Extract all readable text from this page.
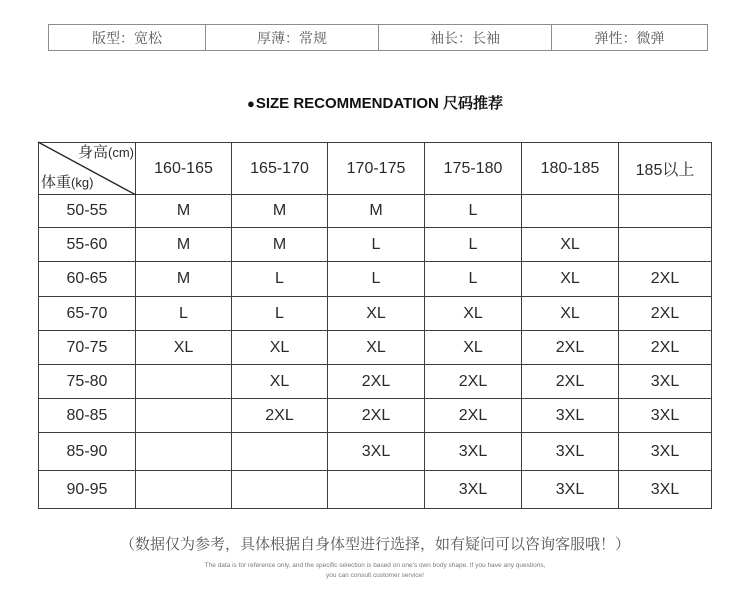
版型：宽松	厚薄：常规	袖长：长袖	弹性：微弹
●SIZE RECOMMENDATION 尺码推荐
身高(cm)
体重(kg)	160-165	165-170	170-175	175-180	180-185	185以上
50-55	M	M	M	L		
55-60	M	M	L	L	XL	
60-65	M	L	L	L	XL	2XL
65-70	L	L	XL	XL	XL	2XL
70-75	XL	XL	XL	XL	2XL	2XL
75-80		XL	2XL	2XL	2XL	3XL
80-85		2XL	2XL	2XL	3XL	3XL
85-90			3XL	3XL	3XL	3XL
90-95				3XL	3XL	3XL
（数据仅为参考，具体根据自身体型进行选择，如有疑问可以咨询客服哦！）
The data is for reference only, and the specific selection is based on one's own body shape. If you have any questions,
you can consult customer service!
